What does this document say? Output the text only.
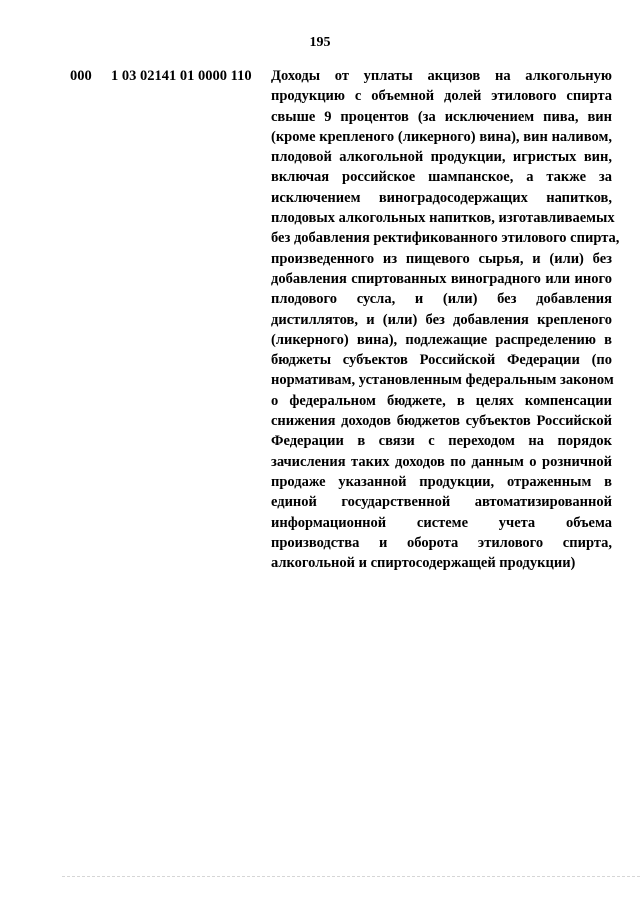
195
000 1 03 02141 01 0000 110 Доходы от уплаты акцизов на алкогольную
продукцию с объемной долей этилового спирта
свыше 9 процентов (за исключением пива, вин
(кроме крепленого (ликерного) вина), вин наливом,
плодовой алкогольной продукции, игристых вин,
включая российское шампанское, а также за
исключением виноградосодержащих напитков,
плодовых алкогольных напитков, изготавливаемых
без добавления ректификованного этилового спирта,
произведенного из пищевого сырья, и (или) без
добавления спиртованных виноградного или иного
плодового сусла, и (или) без добавления
дистиллятов, и (или) без добавления крепленого
(ликерного) вина), подлежащие распределению в
бюджеты субъектов Российской Федерации (по
нормативам, установленным федеральным законом
о федеральном бюджете, в целях компенсации
снижения доходов бюджетов субъектов Российской
Федерации в связи с переходом на порядок
зачисления таких доходов по данным о розничной
продаже указанной продукции, отраженным в
единой государственной автоматизированной
информационной системе учета объема
производства и оборота этилового спирта,
алкогольной и спиртосодержащей продукции)
